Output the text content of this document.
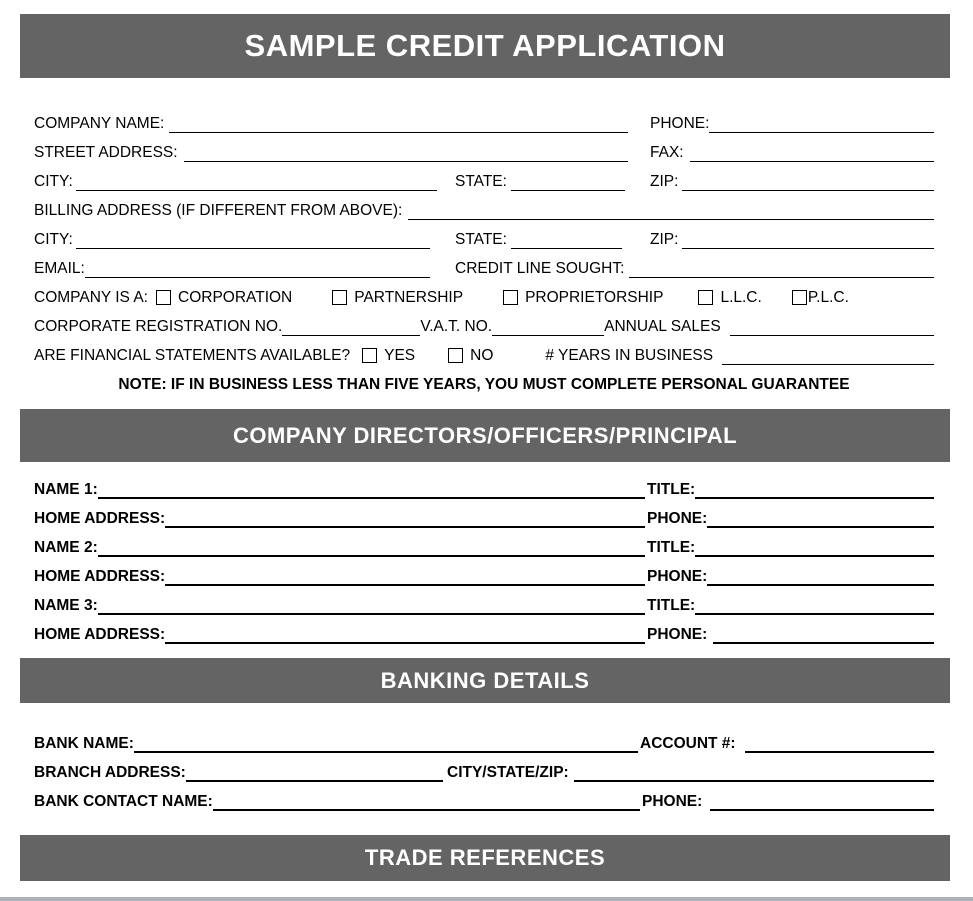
SAMPLE CREDIT APPLICATION
COMPANY NAME:	PHONE:
STREET ADDRESS:	FAX:
CITY:	STATE:	ZIP:
BILLING ADDRESS (IF DIFFERENT FROM ABOVE):
CITY:	STATE:	ZIP:
EMAIL:	CREDIT LINE SOUGHT:
COMPANY IS A: CORPORATION	PARTNERSHIP	PROPRIETORSHIP	L.L.C.	P.L.C.
CORPORATE REGISTRATION NO.	V.A.T. NO.	ANNUAL SALES
ARE FINANCIAL STATEMENTS AVAILABLE? YES	NO	# YEARS IN BUSINESS
NOTE: IF IN BUSINESS LESS THAN FIVE YEARS, YOU MUST COMPLETE PERSONAL GUARANTEE
COMPANY DIRECTORS/OFFICERS/PRINCIPAL
NAME 1:	TITLE:
HOME ADDRESS:	PHONE:
NAME 2:	TITLE:
HOME ADDRESS:	PHONE:
NAME 3:	TITLE:
HOME ADDRESS:	PHONE:
BANKING DETAILS
BANK NAME:	ACCOUNT #:
BRANCH ADDRESS:	CITY/STATE/ZIP:
BANK CONTACT NAME:	PHONE:
TRADE REFERENCES
